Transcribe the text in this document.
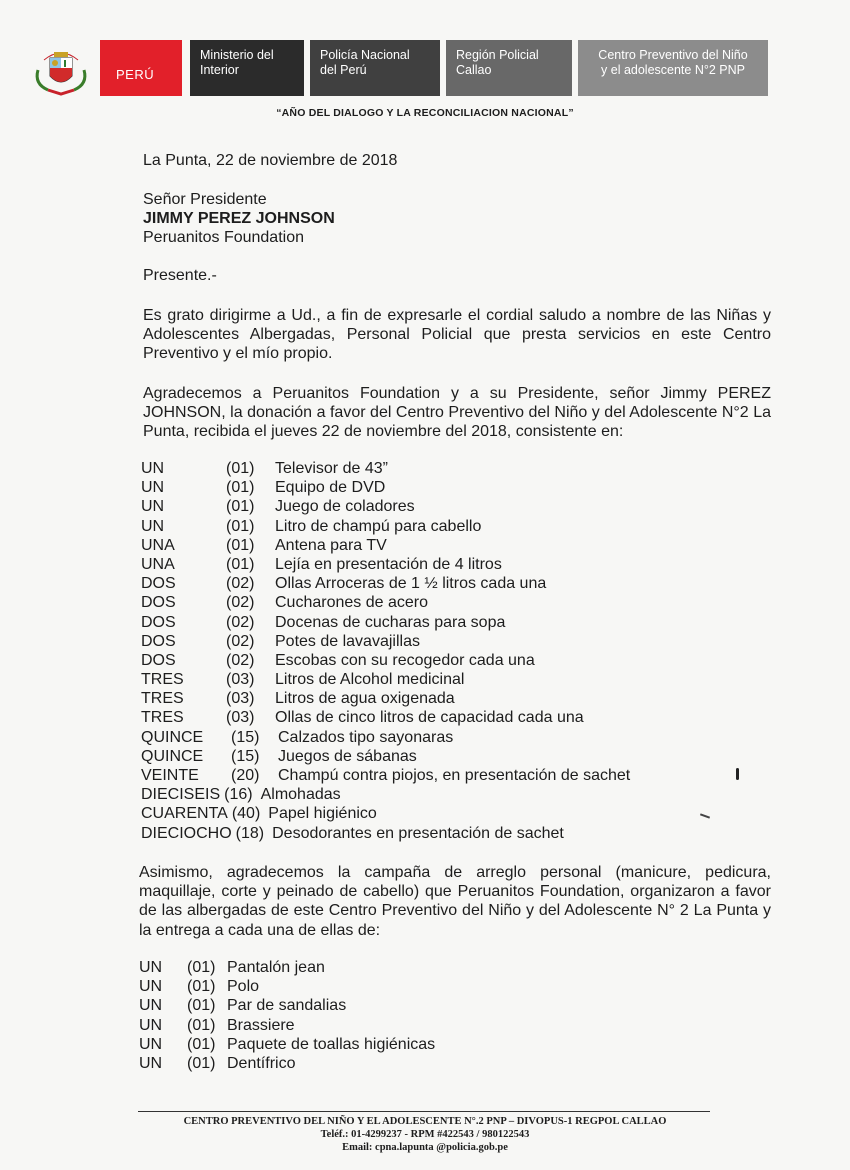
PERÚ
Ministerio del
Interior
Policía Nacional
del Perú
Región Policial
Callao
Centro Preventivo del Niño
y el adolescente N°2 PNP
“AÑO DEL DIALOGO Y LA RECONCILIACION NACIONAL”
La Punta, 22 de noviembre de 2018
Señor Presidente
JIMMY PEREZ JOHNSON
Peruanitos Foundation
Presente.-
Es grato dirigirme a Ud., a fin de expresarle el cordial saludo a nombre de las Niñas y Adolescentes Albergadas, Personal Policial que presta servicios en este Centro Preventivo y el mío propio.
Agradecemos a Peruanitos Foundation y a su Presidente, señor Jimmy PEREZ JOHNSON, la donación a favor del Centro Preventivo del Niño y del Adolescente N°2 La Punta, recibida el jueves 22 de noviembre del 2018, consistente en:
UN	(01) Televisor de 43”
UN	(01) Equipo de DVD
UN	(01) Juego de coladores
UN	(01) Litro de champú para cabello
UNA	(01) Antena para TV
UNA	(01) Lejía en presentación de 4 litros
DOS	(02) Ollas Arroceras de 1 ½ litros cada una
DOS	(02) Cucharones de acero
DOS	(02) Docenas de cucharas para sopa
DOS	(02) Potes de lavavajillas
DOS	(02) Escobas con su recogedor cada una
TRES	(03) Litros de Alcohol medicinal
TRES	(03) Litros de agua oxigenada
TRES	(03) Ollas de cinco litros de capacidad cada una
QUINCE (15) Calzados tipo sayonaras
QUINCE (15) Juegos de sábanas
VEINTE (20) Champú contra piojos, en presentación de sachet
DIECISEIS (16) Almohadas
CUARENTA (40) Papel higiénico
DIECIOCHO (18) Desodorantes en presentación de sachet
Asimismo, agradecemos la campaña de arreglo personal (manicure, pedicura, maquillaje, corte y peinado de cabello) que Peruanitos Foundation, organizaron a favor de las albergadas de este Centro Preventivo del Niño y del Adolescente N° 2 La Punta y la entrega a cada una de ellas de:
UN (01) Pantalón jean
UN (01) Polo
UN (01) Par de sandalias
UN (01) Brassiere
UN (01) Paquete de toallas higiénicas
UN (01) Dentífrico
CENTRO PREVENTIVO DEL NIÑO Y EL ADOLESCENTE N°.2 PNP – DIVOPUS-1 REGPOL CALLAO
Teléf.: 01-4299237 - RPM #422543 / 980122543
Email: cpna.lapunta @policia.gob.pe
